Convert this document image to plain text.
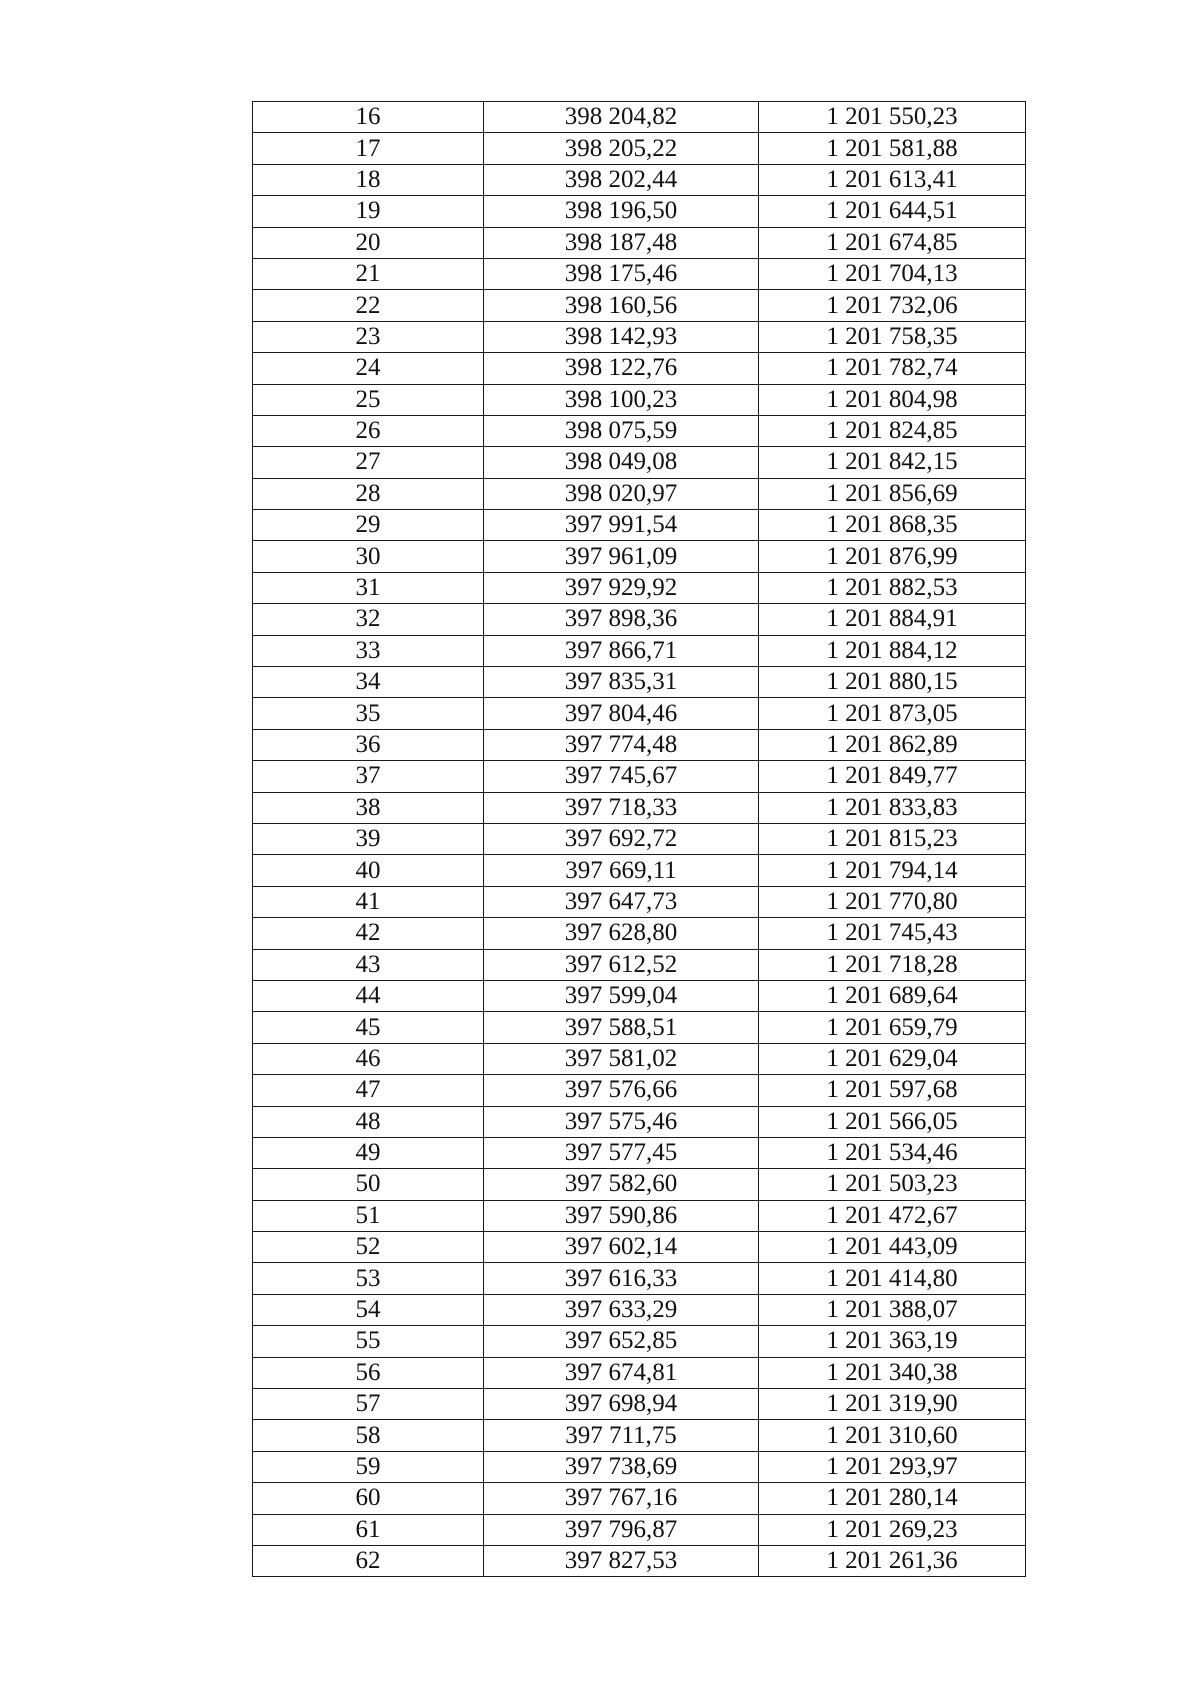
16	398 204,82	1 201 550,23
17	398 205,22	1 201 581,88
18	398 202,44	1 201 613,41
19	398 196,50	1 201 644,51
20	398 187,48	1 201 674,85
21	398 175,46	1 201 704,13
22	398 160,56	1 201 732,06
23	398 142,93	1 201 758,35
24	398 122,76	1 201 782,74
25	398 100,23	1 201 804,98
26	398 075,59	1 201 824,85
27	398 049,08	1 201 842,15
28	398 020,97	1 201 856,69
29	397 991,54	1 201 868,35
30	397 961,09	1 201 876,99
31	397 929,92	1 201 882,53
32	397 898,36	1 201 884,91
33	397 866,71	1 201 884,12
34	397 835,31	1 201 880,15
35	397 804,46	1 201 873,05
36	397 774,48	1 201 862,89
37	397 745,67	1 201 849,77
38	397 718,33	1 201 833,83
39	397 692,72	1 201 815,23
40	397 669,11	1 201 794,14
41	397 647,73	1 201 770,80
42	397 628,80	1 201 745,43
43	397 612,52	1 201 718,28
44	397 599,04	1 201 689,64
45	397 588,51	1 201 659,79
46	397 581,02	1 201 629,04
47	397 576,66	1 201 597,68
48	397 575,46	1 201 566,05
49	397 577,45	1 201 534,46
50	397 582,60	1 201 503,23
51	397 590,86	1 201 472,67
52	397 602,14	1 201 443,09
53	397 616,33	1 201 414,80
54	397 633,29	1 201 388,07
55	397 652,85	1 201 363,19
56	397 674,81	1 201 340,38
57	397 698,94	1 201 319,90
58	397 711,75	1 201 310,60
59	397 738,69	1 201 293,97
60	397 767,16	1 201 280,14
61	397 796,87	1 201 269,23
62	397 827,53	1 201 261,36
